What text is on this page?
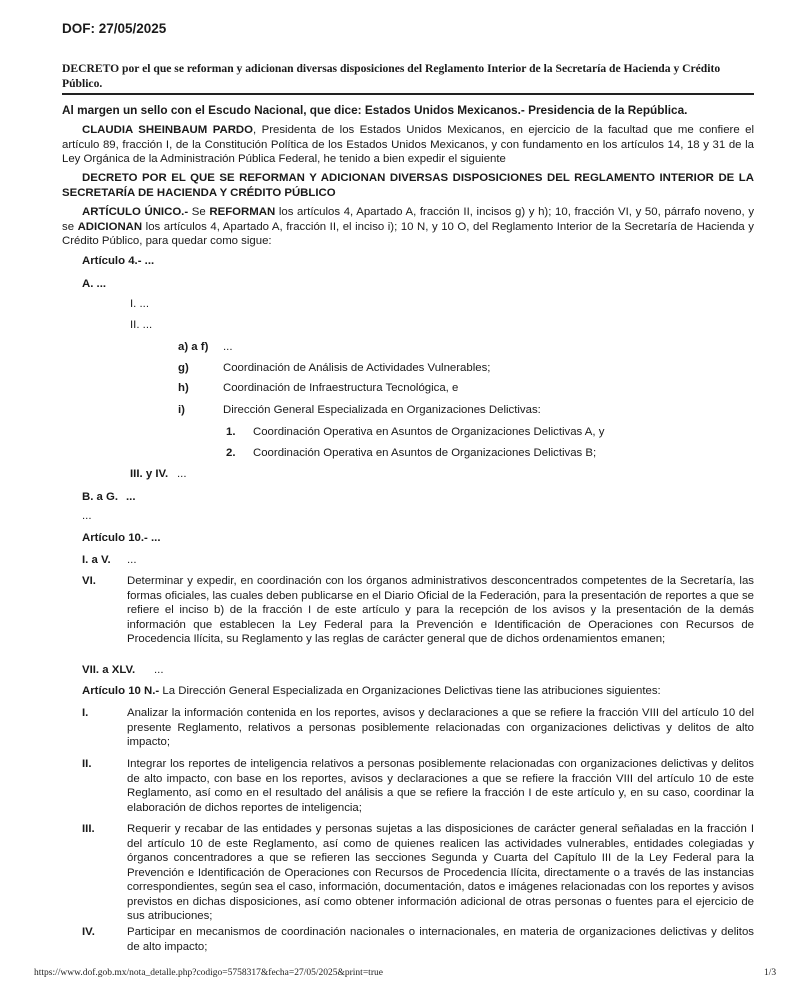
DOF: 27/05/2025
DECRETO por el que se reforman y adicionan diversas disposiciones del Reglamento Interior de la Secretaría de Hacienda y Crédito Público.
Al margen un sello con el Escudo Nacional, que dice: Estados Unidos Mexicanos.- Presidencia de la República.
CLAUDIA SHEINBAUM PARDO, Presidenta de los Estados Unidos Mexicanos, en ejercicio de la facultad que me confiere el artículo 89, fracción I, de la Constitución Política de los Estados Unidos Mexicanos, y con fundamento en los artículos 14, 18 y 31 de la Ley Orgánica de la Administración Pública Federal, he tenido a bien expedir el siguiente
DECRETO POR EL QUE SE REFORMAN Y ADICIONAN DIVERSAS DISPOSICIONES DEL REGLAMENTO INTERIOR DE LA SECRETARÍA DE HACIENDA Y CRÉDITO PÚBLICO
ARTÍCULO ÚNICO.- Se REFORMAN los artículos 4, Apartado A, fracción II, incisos g) y h); 10, fracción VI, y 50, párrafo noveno, y se ADICIONAN los artículos 4, Apartado A, fracción II, el inciso i); 10 N, y 10 O, del Reglamento Interior de la Secretaría de Hacienda y Crédito Público, para quedar como sigue:
Artículo 4.- ...
A. ...
I. ...
II. ...
a) a f) ...
g)	Coordinación de Análisis de Actividades Vulnerables;
h)	Coordinación de Infraestructura Tecnológica, e
i)	Dirección General Especializada en Organizaciones Delictivas:
1. Coordinación Operativa en Asuntos de Organizaciones Delictivas A, y
2. Coordinación Operativa en Asuntos de Organizaciones Delictivas B;
III. y IV. ...
B. a G. ...
...
Artículo 10.- ...
I. a V. ...
VI.	Determinar y expedir, en coordinación con los órganos administrativos desconcentrados competentes de la Secretaría, las formas oficiales, las cuales deben publicarse en el Diario Oficial de la Federación, para la presentación de reportes a que se refiere el inciso b) de la fracción I de este artículo y para la recepción de los avisos y la presentación de la demás información que establecen la Ley Federal para la Prevención e Identificación de Operaciones con Recursos de Procedencia Ilícita, su Reglamento y las reglas de carácter general que de dichos ordenamientos emanen;
VII. a XLV. ...
Artículo 10 N.- La Dirección General Especializada en Organizaciones Delictivas tiene las atribuciones siguientes:
I.	Analizar la información contenida en los reportes, avisos y declaraciones a que se refiere la fracción VIII del artículo 10 del presente Reglamento, relativos a personas posiblemente relacionadas con organizaciones delictivas y delitos de alto impacto;
II.	Integrar los reportes de inteligencia relativos a personas posiblemente relacionadas con organizaciones delictivas y delitos de alto impacto, con base en los reportes, avisos y declaraciones a que se refiere la fracción VIII del artículo 10 de este Reglamento, así como en el resultado del análisis a que se refiere la fracción I de este artículo y, en su caso, coordinar la elaboración de dichos reportes de inteligencia;
III.	Requerir y recabar de las entidades y personas sujetas a las disposiciones de carácter general señaladas en la fracción I del artículo 10 de este Reglamento, así como de quienes realicen las actividades vulnerables, entidades colegiadas y órganos concentradores a que se refieren las secciones Segunda y Cuarta del Capítulo III de la Ley Federal para la Prevención e Identificación de Operaciones con Recursos de Procedencia Ilícita, directamente o a través de las instancias correspondientes, según sea el caso, información, documentación, datos e imágenes relacionadas con los reportes y avisos previstos en dichas disposiciones, así como obtener información adicional de otras personas o fuentes para el ejercicio de sus atribuciones;
IV.	Participar en mecanismos de coordinación nacionales o internacionales, en materia de organizaciones delictivas y delitos de alto impacto;
https://www.dof.gob.mx/nota_detalle.php?codigo=5758317&fecha=27/05/2025&print=true	1/3
